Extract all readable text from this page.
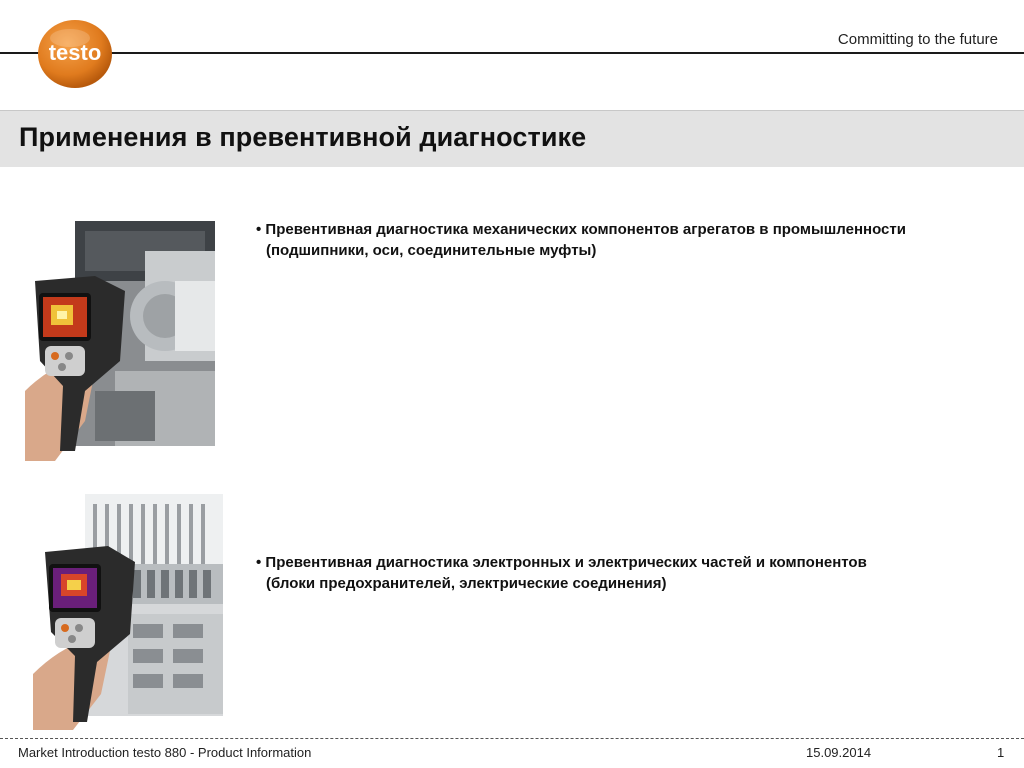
testo
Committing to the future
Применения в превентивной диагностике
• Превентивная диагностика механических компонентов агрегатов в промышленности
(подшипники, оси, соединительные муфты)
• Превентивная диагностика электронных и электрических частей и компонентов
(блоки предохранителей, электрические соединения)
Market Introduction testo 880 - Product Information	15.09.2014	1
